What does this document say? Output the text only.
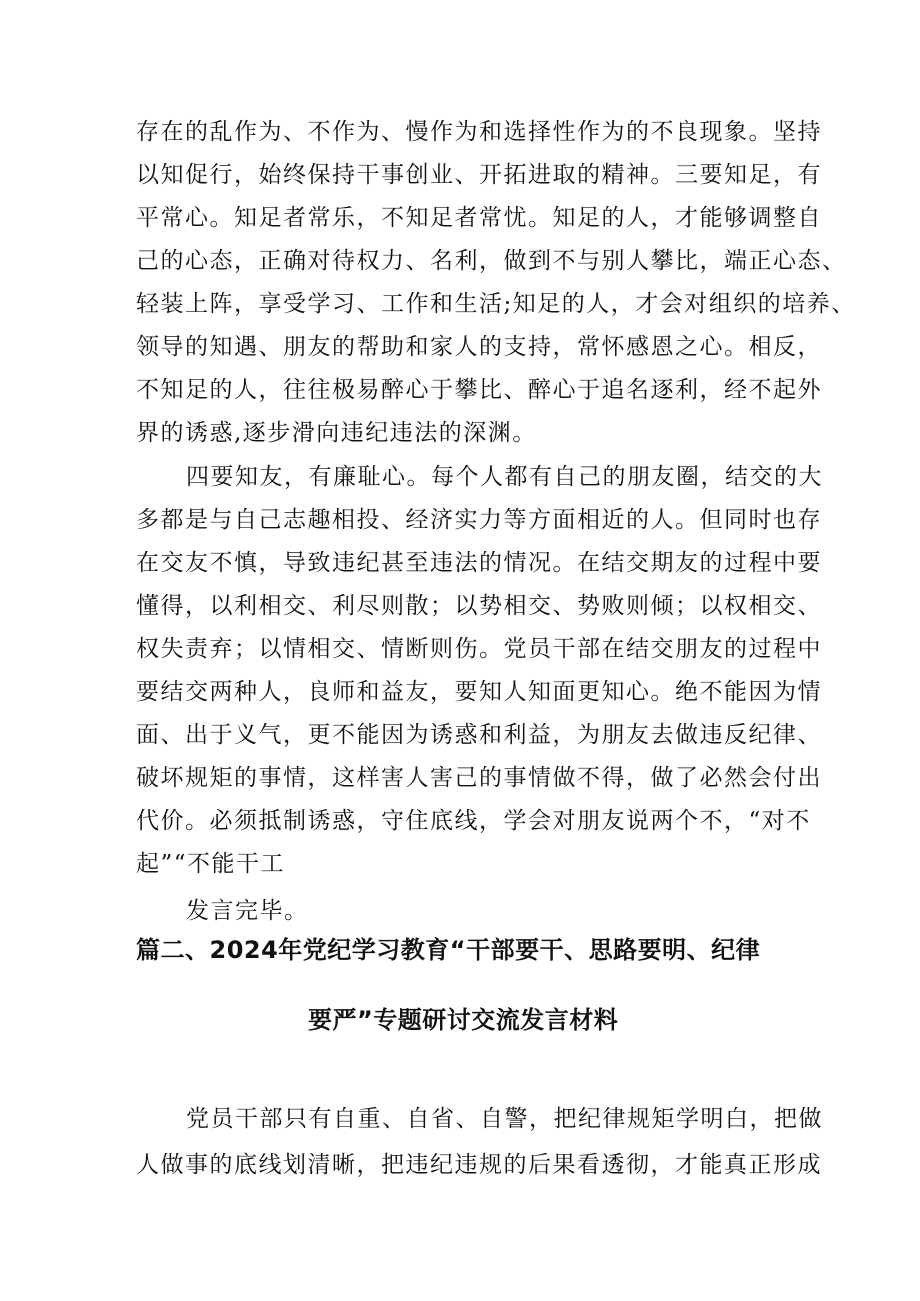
存在的乱作为、不作为、慢作为和选择性作为的不良现象。坚持

以知促行，始终保持干事创业、开拓进取的精神。三要知足，有

平常心。知足者常乐，不知足者常忧。知足的人，才能够调整自

己的心态，正确对待权力、名利，做到不与别人攀比，端正心态、

轻装上阵，享受学习、工作和生活;知足的人，才会对组织的培养、

领导的知遇、朋友的帮助和家人的支持，常怀感恩之心。相反，

不知足的人，往往极易醉心于攀比、醉心于追名逐利，经不起外

界的诱惑,逐步滑向违纪违法的深渊。

四要知友，有廉耻心。每个人都有自己的朋友圈，结交的大

多都是与自己志趣相投、经济实力等方面相近的人。但同时也存

在交友不慎，导致违纪甚至违法的情况。在结交期友的过程中要

懂得，以利相交、利尽则散；以势相交、势败则倾；以权相交、

权失责弃；以情相交、情断则伤。党员干部在结交朋友的过程中

要结交两种人，良师和益友，要知人知面更知心。绝不能因为情

面、出于义气，更不能因为诱惑和利益，为朋友去做违反纪律、

破坏规矩的事情，这样害人害己的事情做不得，做了必然会付出

代价。必须抵制诱惑，守住底线，学会对朋友说两个不，“对不

起”“不能干工

发言完毕。

篇二、2024年党纪学习教育“干部要干、思路要明、纪律
要严”专题研讨交流发言材料

党员干部只有自重、自省、自警，把纪律规矩学明白，把做

人做事的底线划清晰，把违纪违规的后果看透彻，才能真正形成
